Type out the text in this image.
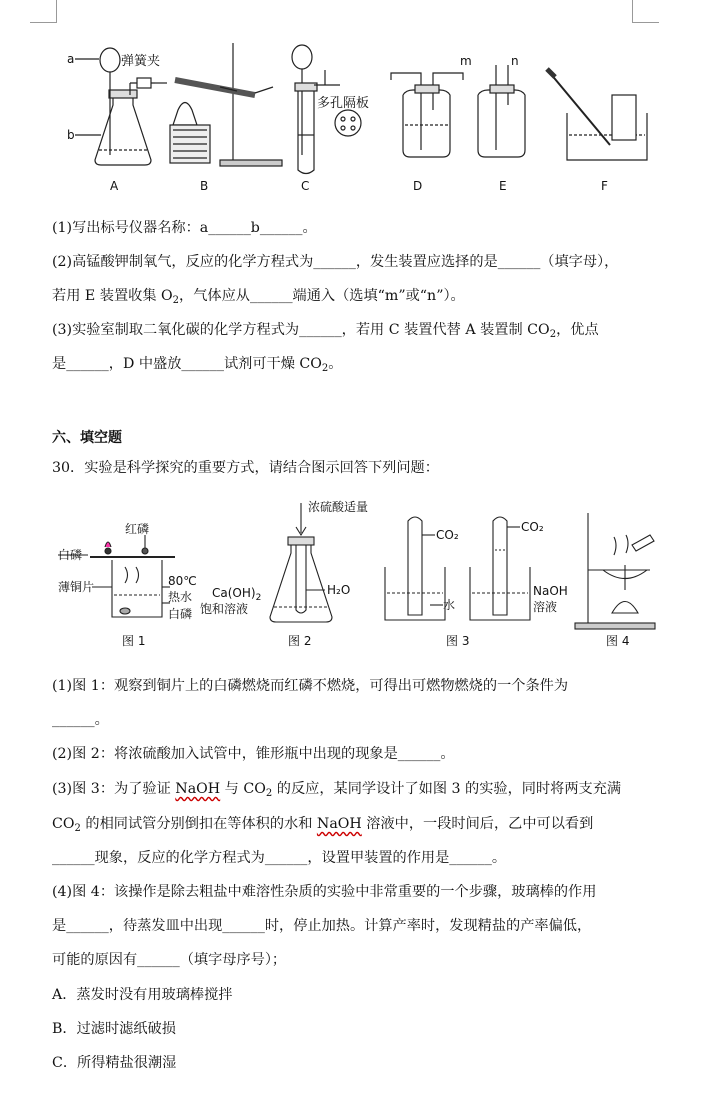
a
b
弹簧夹
多孔隔板
m	n
A	B	C	D	E	F
(1)写出标号仪器名称：a______b______。
(2)高锰酸钾制氧气，反应的化学方程式为______，发生装置应选择的是______（填字母），
若用 E 装置收集 $O_2$，气体应从______端通入（选填“m”或“n”）。
(3)实验室制取二氧化碳的化学方程式为______，若用 C 装置代替 A 装置制 $CO_2$，优点
是______，D 中盛放______试剂可干燥 $CO_2$。
六、填空题
30．实验是科学探究的重要方式，请结合图示回答下列问题：
白磷
红磷
薄铜片	80℃
热水
白磷
图 1
浓硫酸适量
$Ca(OH)_2$
饱和溶液
H₂O
图 2
CO₂
CO₂
水
NaOH
溶液
图 3	图 4
(1)图 1：观察到铜片上的白磷燃烧而红磷不燃烧，可得出可燃物燃烧的一个条件为
______。
(2)图 2：将浓硫酸加入试管中，锥形瓶中出现的现象是______。
(3)图 3：为了验证 NaOH 与 $CO_2$ 的反应，某同学设计了如图 3 的实验，同时将两支充满
$CO_2$ 的相同试管分别倒扣在等体积的水和 NaOH 溶液中，一段时间后，乙中可以看到
______现象，反应的化学方程式为______，设置甲装置的作用是______。
(4)图 4：该操作是除去粗盐中难溶性杂质的实验中非常重要的一个步骤，玻璃棒的作用
是______，待蒸发皿中出现______时，停止加热。计算产率时，发现精盐的产率偏低，
可能的原因有______（填字母序号）；
A．蒸发时没有用玻璃棒搅拌
B．过滤时滤纸破损
C．所得精盐很潮湿
